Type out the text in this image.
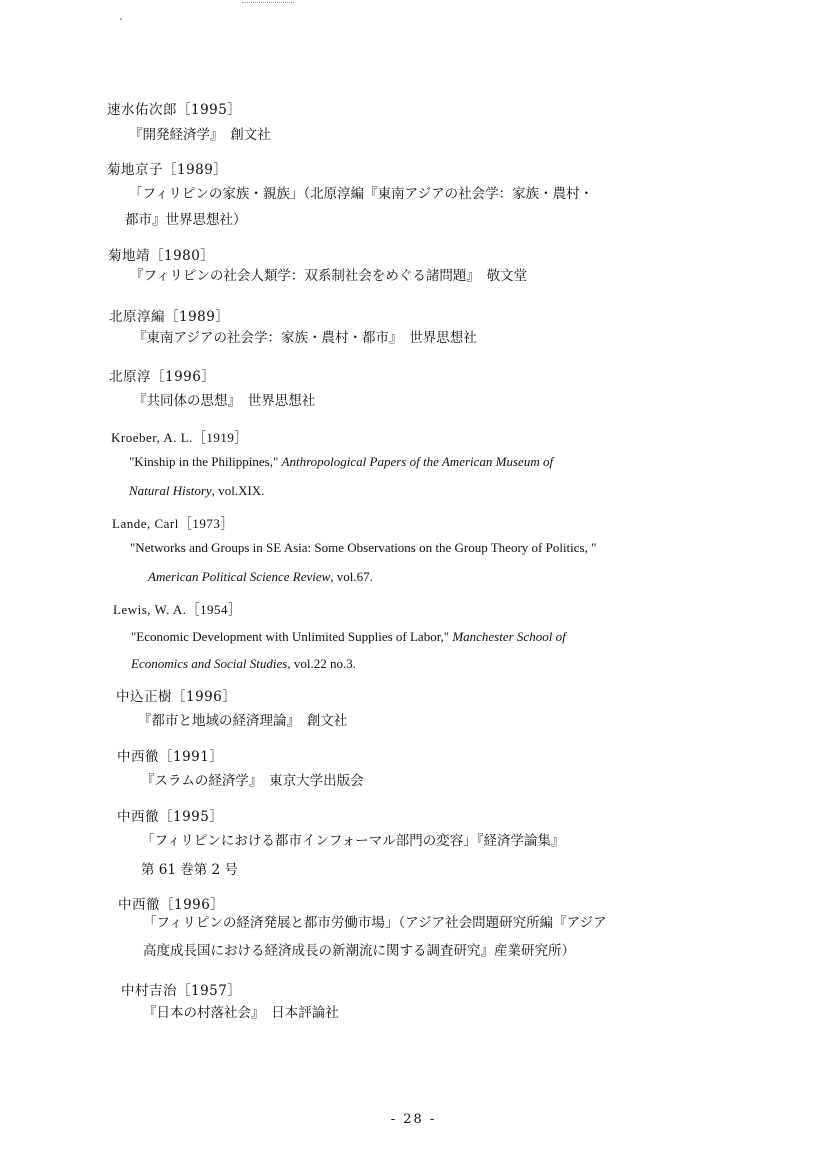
速水佑次郎［1995］
『開発経済学』　創文社
菊地京子［1989］
「フィリピンの家族・親族」（北原淳編『東南アジアの社会学：家族・農村・
都市』世界思想社）
菊地靖［1980］
『フィリピンの社会人類学：双系制社会をめぐる諸問題』　敬文堂
北原淳編［1989］
『東南アジアの社会学：家族・農村・都市』　世界思想社
北原淳［1996］
『共同体の思想』　世界思想社
Kroeber, A. L.［1919］
"Kinship in the Philippines," Anthropological Papers of the American Museum of
Natural History, vol.XIX.
Lande, Carl［1973］
"Networks and Groups in SE Asia: Some Observations on the Group Theory of Politics, "
American Political Science Review, vol.67.
Lewis, W. A.［1954］
"Economic Development with Unlimited Supplies of Labor," Manchester School of
Economics and Social Studies, vol.22 no.3.
中込正樹［1996］
『都市と地域の経済理論』　創文社
中西徹［1991］
『スラムの経済学』　東京大学出版会
中西徹［1995］
「フィリピンにおける都市インフォーマル部門の変容」『経済学論集』
第 61 巻第 2 号
中西徹［1996］
「フィリピンの経済発展と都市労働市場」（アジア社会問題研究所編『アジア
高度成長国における経済成長の新潮流に関する調査研究』産業研究所）
中村吉治［1957］
『日本の村落社会』　日本評論社
- 28 -
